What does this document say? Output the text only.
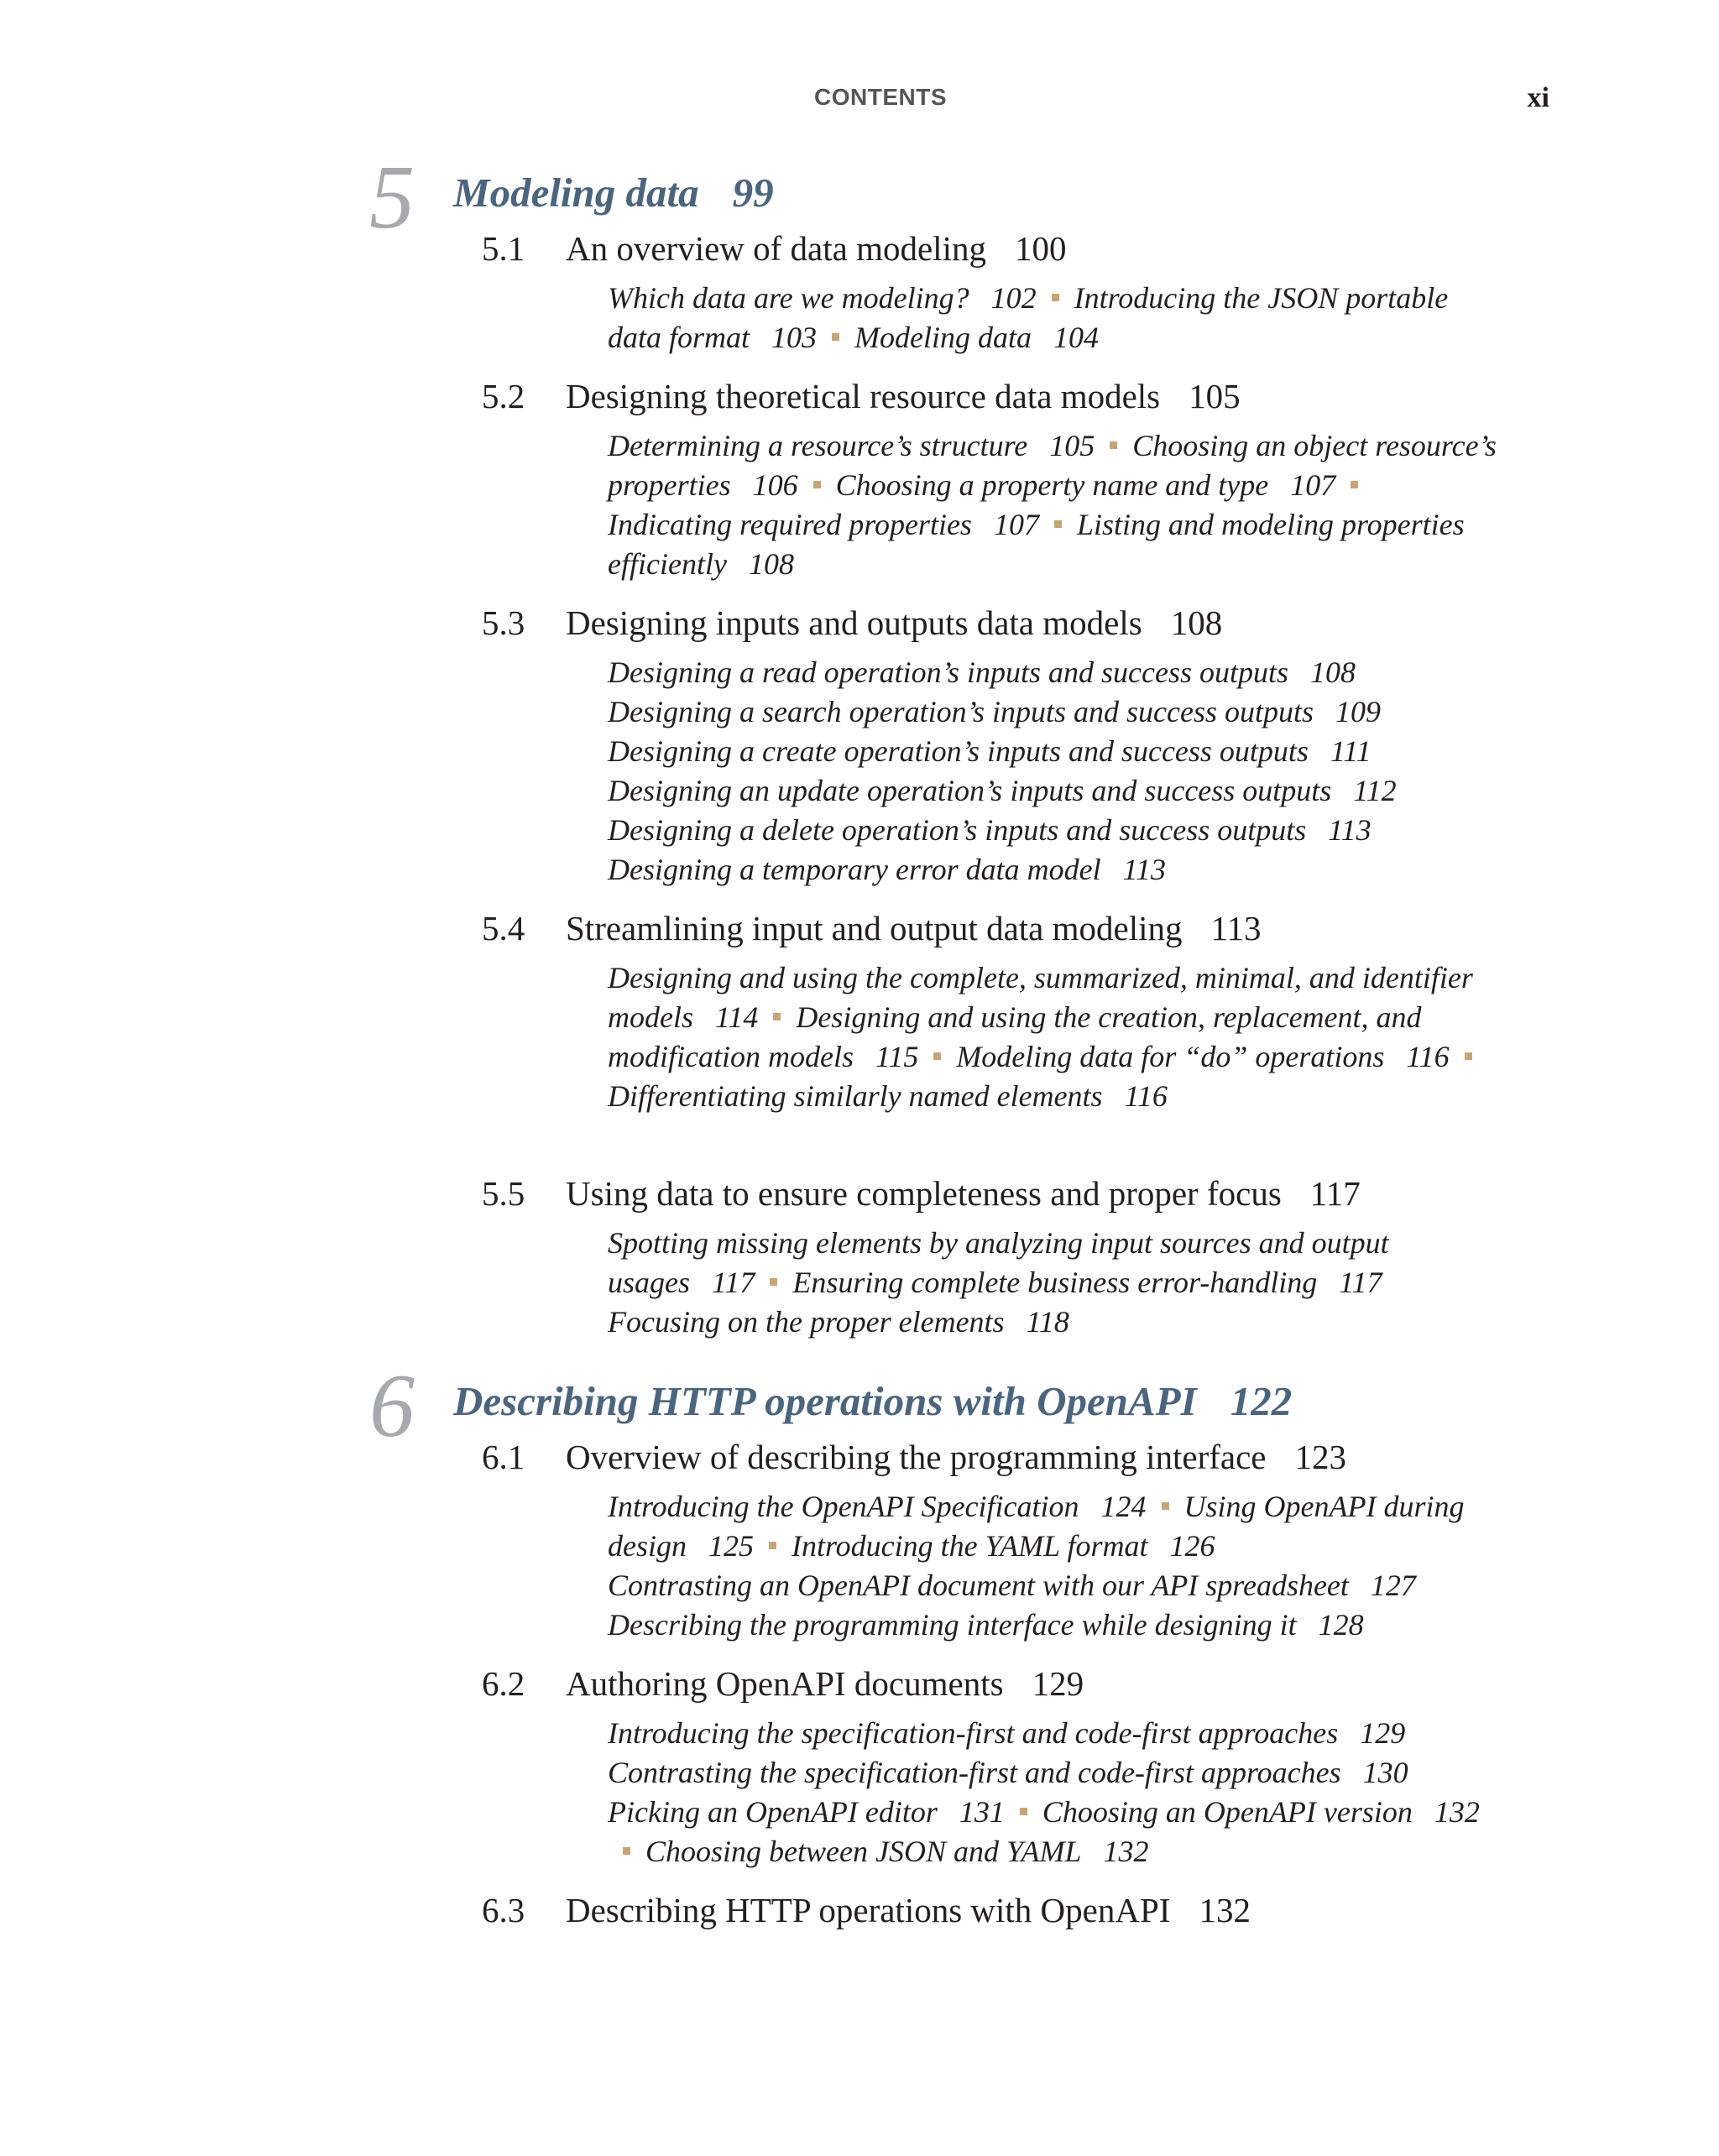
CONTENTS	xi
5 Modeling data 99
5.1 An overview of data modeling 100
Which data are we modeling? 102 Introducing the JSON portable data format 103 Modeling data 104
5.2 Designing theoretical resource data models 105
Determining a resource’s structure 105 Choosing an object resource’s properties 106 Choosing a property name and type 107Indicating required properties 107 Listing and modeling properties efficiently 108
5.3 Designing inputs and outputs data models 108
Designing a read operation’s inputs and success outputs 108
Designing a search operation’s inputs and success outputs 109
Designing a create operation’s inputs and success outputs 111
Designing an update operation’s inputs and success outputs 112
Designing a delete operation’s inputs and success outputs 113
Designing a temporary error data model 113
5.4 Streamlining input and output data modeling 113
Designing and using the complete, summarized, minimal, and identifier models 114 Designing and using the creation, replacement, and modification models 115 Modeling data for “do” operations 116Differentiating similarly named elements 116
5.5 Using data to ensure completeness and proper focus 117
Spotting missing elements by analyzing input sources and output usages 117 Ensuring complete business error-handling 117
Focusing on the proper elements 118
6 Describing HTTP operations with OpenAPI 122
6.1 Overview of describing the programming interface 123
Introducing the OpenAPI Specification 124 Using OpenAPI during design 125 Introducing the YAML format 126
Contrasting an OpenAPI document with our API spreadsheet 127
Describing the programming interface while designing it 128
6.2 Authoring OpenAPI documents 129
Introducing the specification-first and code-first approaches 129
Contrasting the specification-first and code-first approaches 130
Picking an OpenAPI editor 131 Choosing an OpenAPI version 132Choosing between JSON and YAML 132
6.3 Describing HTTP operations with OpenAPI 132
